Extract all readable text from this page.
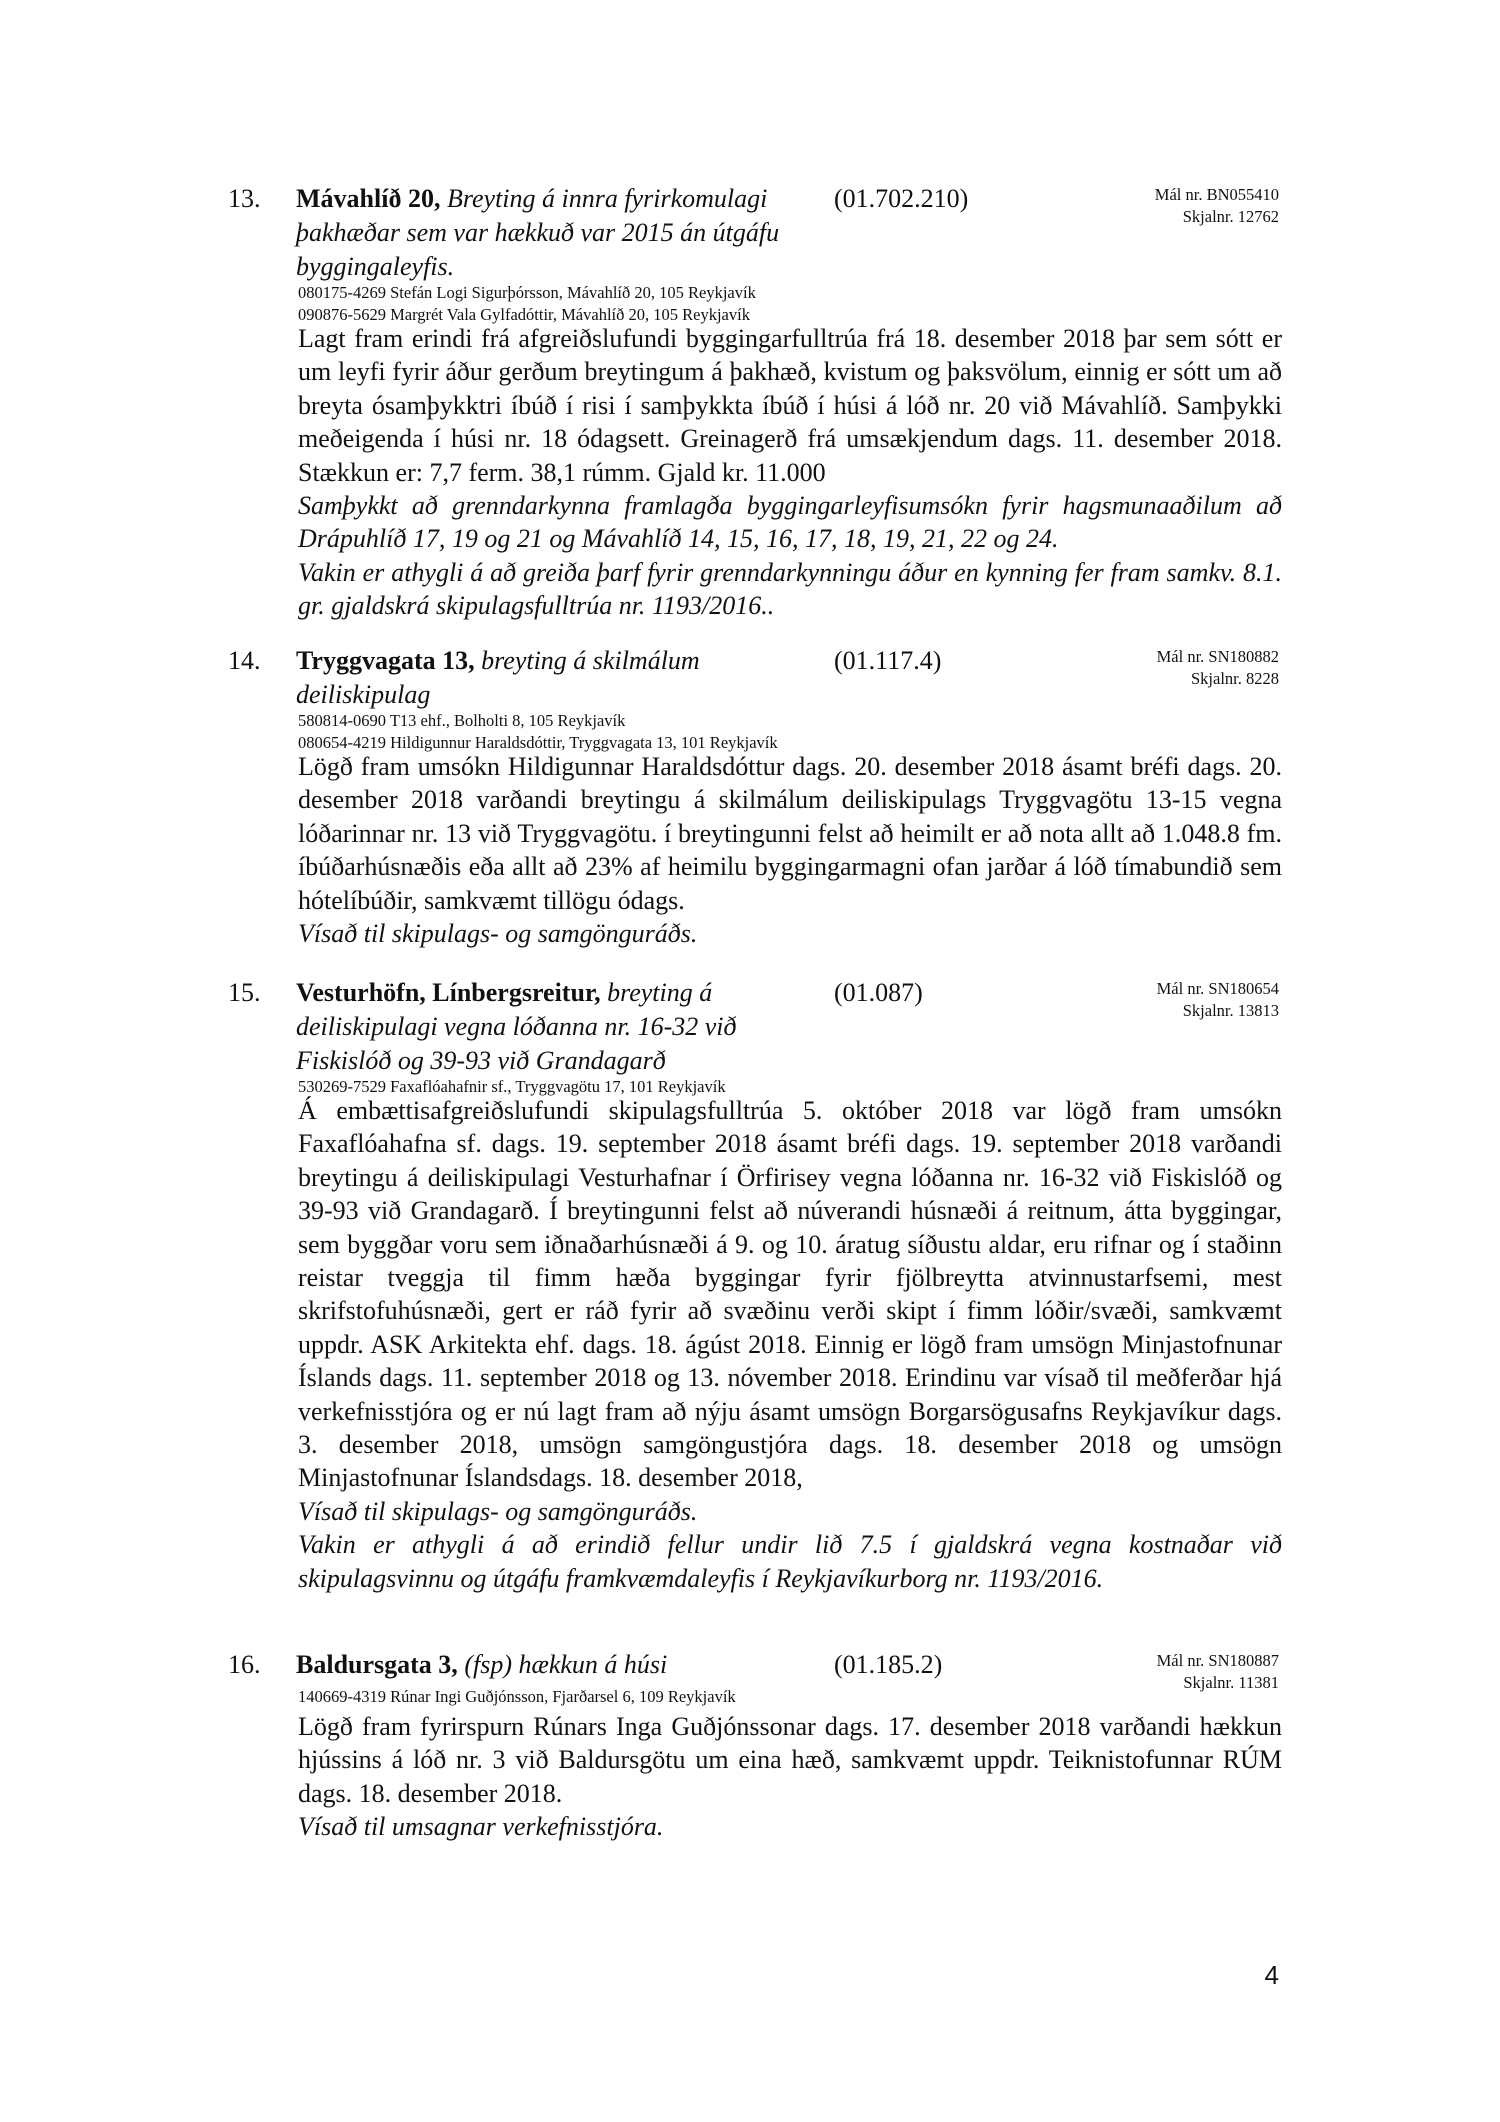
13. Mávahlíð 20, Breyting á innra fyrirkomulagi þakhæðar sem var hækkuð var 2015 án útgáfu byggingaleyfis.
(01.702.210)	Mál nr. BN055410
Skjalnr. 12762
080175-4269 Stefán Logi Sigurþórsson, Mávahlíð 20, 105 Reykjavík
090876-5629 Margrét Vala Gylfadóttir, Mávahlíð 20, 105 Reykjavík

Lagt fram erindi frá afgreiðslufundi byggingarfulltrúa frá 18. desember 2018 þar sem sótt er um leyfi fyrir áður gerðum breytingum á þakhæð, kvistum og þaksvölum, einnig er sótt um að breyta ósamþykktri íbúð í risi í samþykkta íbúð í húsi á lóð nr. 20 við Mávahlíð. Samþykki meðeigenda í húsi nr. 18 ódagsett. Greinagerð frá umsækjendum dags. 11. desember 2018. Stækkun er: 7,7 ferm. 38,1 rúmm. Gjald kr. 11.000

Samþykkt að grenndarkynna framlagða byggingarleyfisumsókn fyrir hagsmunaaðilum að Drápuhlíð 17, 19 og 21 og Mávahlíð 14, 15, 16, 17, 18, 19, 21, 22 og 24.

Vakin er athygli á að greiða þarf fyrir grenndarkynningu áður en kynning fer fram samkv. 8.1. gr. gjaldskrá skipulagsfulltrúa nr. 1193/2016..

14. Tryggvagata 13, breyting á skilmálum deiliskipulag
(01.117.4)	Mál nr. SN180882
Skjalnr. 8228
580814-0690 T13 ehf., Bolholti 8, 105 Reykjavík
080654-4219 Hildigunnur Haraldsdóttir, Tryggvagata 13, 101 Reykjavík

Lögð fram umsókn Hildigunnar Haraldsdóttur dags. 20. desember 2018 ásamt bréfi dags. 20. desember 2018 varðandi breytingu á skilmálum deiliskipulags Tryggvagötu 13-15 vegna lóðarinnar nr. 13 við Tryggvagötu. í breytingunni felst að heimilt er að nota allt að 1.048.8 fm. íbúðarhúsnæðis eða allt að 23% af heimilu byggingarmagni ofan jarðar á lóð tímabundið sem hótelíbúðir, samkvæmt tillögu ódags.

Vísað til skipulags- og samgönguráðs.

15. Vesturhöfn, Línbergsreitur, breyting á deiliskipulagi vegna lóðanna nr. 16-32 við Fiskislóð og 39-93 við Grandagarð
(01.087)	Mál nr. SN180654
Skjalnr. 13813
530269-7529 Faxaflóahafnir sf., Tryggvagötu 17, 101 Reykjavík

Á embættisafgreiðslufundi skipulagsfulltrúa 5. október 2018 var lögð fram umsókn Faxaflóahafna sf. dags. 19. september 2018 ásamt bréfi dags. 19. september 2018 varðandi breytingu á deiliskipulagi Vesturhafnar í Örfirisey vegna lóðanna nr. 16-32 við Fiskislóð og 39-93 við Grandagarð. Í breytingunni felst að núverandi húsnæði á reitnum, átta byggingar, sem byggðar voru sem iðnaðarhúsnæði á 9. og 10. áratug síðustu aldar, eru rifnar og í staðinn reistar tveggja til fimm hæða byggingar fyrir fjölbreytta atvinnustarfsemi, mest skrifstofuhúsnæði, gert er ráð fyrir að svæðinu verði skipt í fimm lóðir/svæði, samkvæmt uppdr. ASK Arkitekta ehf. dags. 18. ágúst 2018. Einnig er lögð fram umsögn Minjastofnunar Íslands dags. 11. september 2018 og 13. nóvember 2018. Erindinu var vísað til meðferðar hjá verkefnisstjóra og er nú lagt fram að nýju ásamt umsögn Borgarsögusafns Reykjavíkur dags. 3. desember 2018, umsögn samgöngustjóra dags. 18. desember 2018 og umsögn Minjastofnunar Íslandsdags. 18. desember 2018,

Vísað til skipulags- og samgönguráðs.

Vakin er athygli á að erindið fellur undir lið 7.5 í gjaldskrá vegna kostnaðar við skipulagsvinnu og útgáfu framkvæmdaleyfis í Reykjavíkurborg nr. 1193/2016.

16. Baldursgata 3, (fsp) hækkun á húsi	(01.185.2)	Mál nr. SN180887
Skjalnr. 11381
140669-4319 Rúnar Ingi Guðjónsson, Fjarðarsel 6, 109 Reykjavík

Lögð fram fyrirspurn Rúnars Inga Guðjónssonar dags. 17. desember 2018 varðandi hækkun hjússins á lóð nr. 3 við Baldursgötu um eina hæð, samkvæmt uppdr. Teiknistofunnar RÚM dags. 18. desember 2018.

Vísað til umsagnar verkefnisstjóra.

4
